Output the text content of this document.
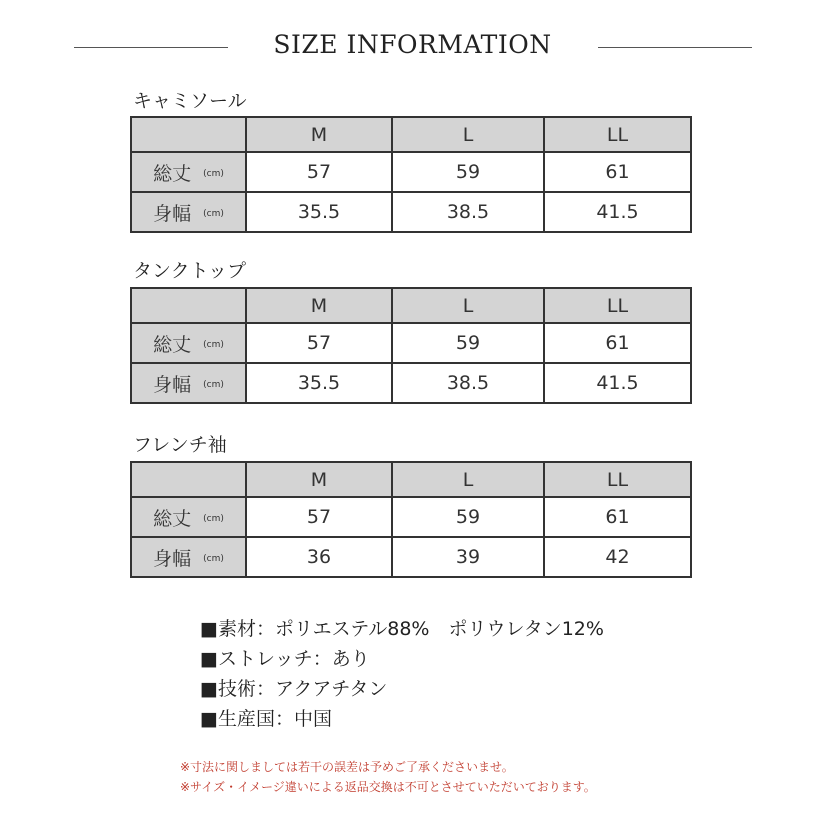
SIZE INFORMATION
キャミソール
	M	L	LL
総丈 (cm)	57	59	61
身幅 (cm)	35.5	38.5	41.5
タンクトップ
	M	L	LL
総丈 (cm)	57	59	61
身幅 (cm)	35.5	38.5	41.5
フレンチ袖
	M	L	LL
総丈 (cm)	57	59	61
身幅 (cm)	36	39	42
■素材：ポリエステル88%　ポリウレタン12%
■ストレッチ：あり
■技術：アクアチタン
■生産国：中国
※寸法に関しましては若干の誤差は予めご了承くださいませ。
※サイズ・イメージ違いによる返品交換は不可とさせていただいております。
